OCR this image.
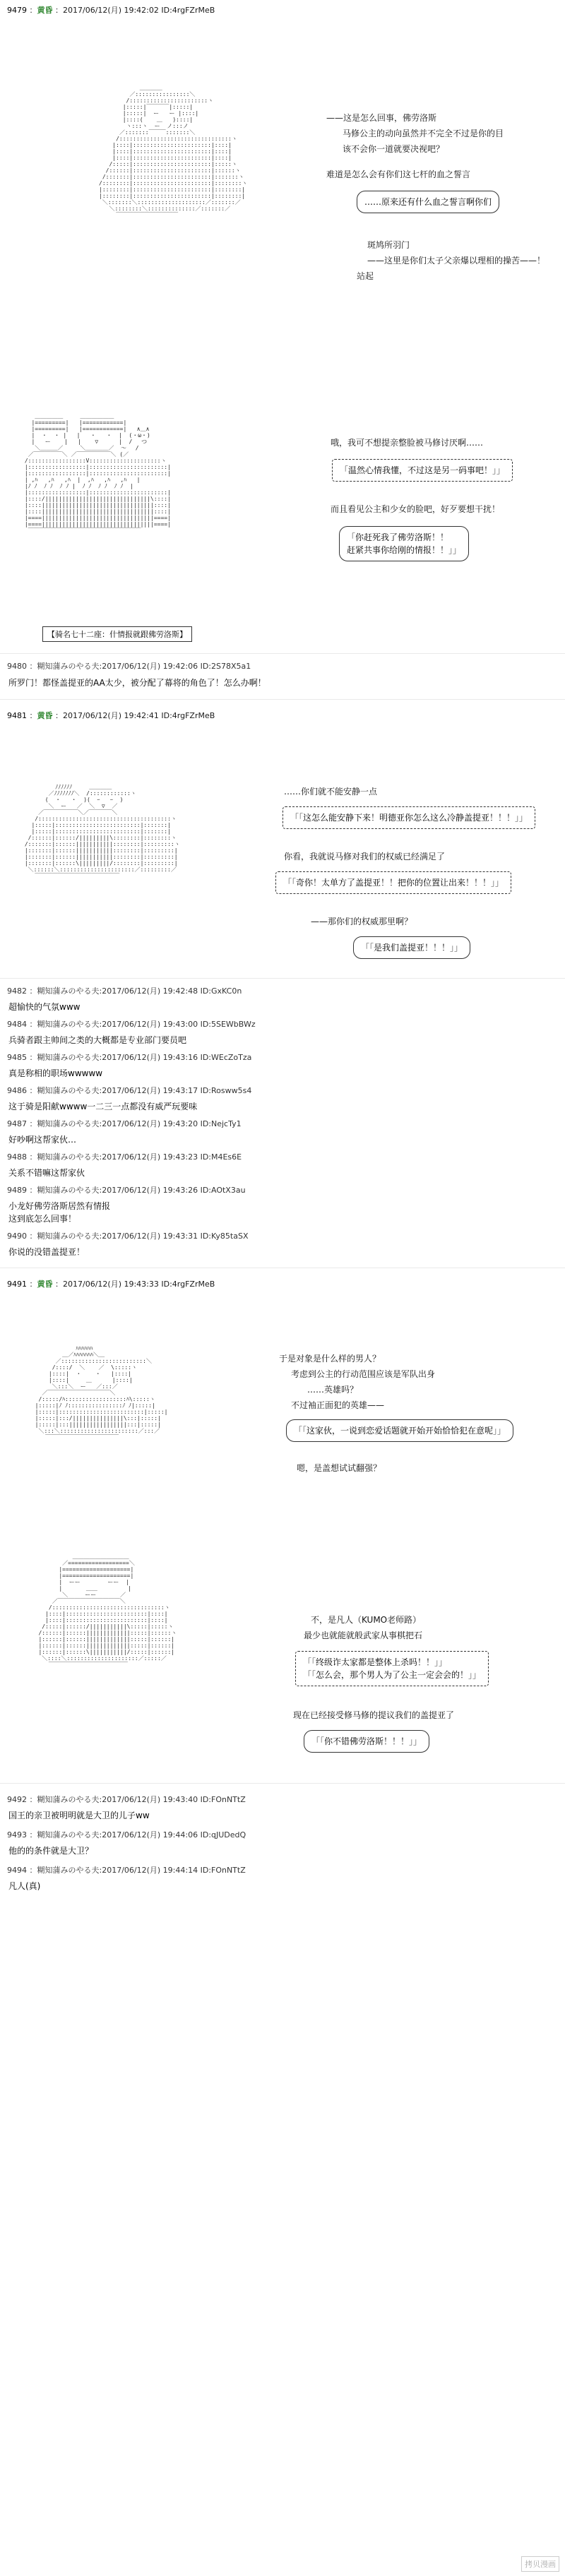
9479 ：黄昏 ：2017/06/12(月) 19:42:02 ID:4rgFZrMeB
＿＿＿＿
／::::::::::::::::＼
/:::::::::::::::::::::::ヽ
|:::::|￣￣￣￣|:::::|
|:::::|  ー   ー |::::|
|::::(    ＿   )::::|
ヽ:::ヽ  ー  ノ:::ノ
／:::::::￣￣￣:::::::＼
/:::::::::::::::::::::::::::::::::ヽ
|::::|:::::::::::::::::::::::|::::|
|::::|:::::::::::::::::::::::|::::|
|::::|:::::::::::::::::::::::|::::|
/:::::|:::::::::::::::::::::::|:::::ヽ
/::::::|:::::::::::::::::::::::|::::::ヽ
/:::::::|:::::::::::::::::::::::|:::::::ヽ
/::::::::|:::::::::::::::::::::::|::::::::ヽ
|::::::::|:::::::::::::::::::::::|::::::::|
|::::::::|:::::::::::::::::::::::|::::::::|
＼:::::::＼::::::::::::::::::::／:::::::／
＼::::::::＼::::::::::::::／:::::::／
￣￣￣￣￣￣￣￣￣￣￣

——这是怎么回事，佛劳洛斯
马修公主的动向虽然并不完全不过是你的目
该不会你一道就要决视吧？
难道是怎么会有你们这七杆的血之誓言
……原来还有什么血之誓言啊你们
斑鸠所羽门
——这里是你们太子父亲爆以理相的操苦——！
站起
＿＿＿＿＿     ＿＿＿＿＿＿
|=========|   |============|
|=========|   |============|   ∧＿∧
|  ・  ・ |   |   ・   ・  |  (・ω・)
|   ー    |   |    ▽      |  /　 つ
＼＿＿＿／     ＼＿＿＿＿／  〜　 /
／￣￣￣￣￣＼ ／￣￣￣￣￣￣＼ (／
/:::::::::::::::::V:::::::::::::::::::::ヽ
|:::::::::::::::::|:::::::::::::::::::::::|
|:::::::::::::::::|:::::::::::::::::::::::|
| ,ﾊ   ,ﾊ   ,ﾊ  |  ,ﾊ   ,ﾊ   ,ﾊ   |
|ﾉ ﾉ  ﾉ ﾉ  ﾉ ﾉ |  ﾉ ﾉ  ﾉ ﾉ  ﾉ ﾉ  |
|:::::::::::::::::|:::::::::::::::::::::::|
|::::/|||||||||||||||||||||||||||||||\::::|
|::::|||||||||||||||||||||||||||||||||::::|
|::::|||||||||||||||||||||||||||||||||::::|
|====|||||||||||||||||||||||||||||||||====|
|====|||||||||||||||||||||||||||||||||====|
￣￣￣￣￣￣￣￣￣￣￣￣￣￣￣￣￣￣￣￣

【骑名七十二座：什情报就跟佛劳洛斯】
哦，我可不想提亲整脸被马修讨厌啊……
「温然心情我懂，不过这是另一码事吧！」」
而且看见公主和少女的脸吧，好歹要想干扰！
「你赶死我了佛劳洛斯！！
赶紧共事你给刚的情报！！」」
9480 ：糊知蒲みのやる夫:2017/06/12(月) 19:42:06 ID:2S78X5a1
所罗门！都怪盖提亚的AA太少，被分配了幕将的角色了！怎么办啊！
9481 ：黄昏 ：2017/06/12(月) 19:42:41 ID:4rgFZrMeB
ﾉﾉﾉﾉﾉﾉ     ＿＿＿＿
／ﾉﾉﾉﾉﾉﾉﾉ＼  /::::::::::::ヽ
(  ・   ・  )(  ｰ   ｰ  )
＼  ー   ／  ＼  ▽  ／
／￣￣￣￣￣￣＼／￣￣￣￣＼
/:::::::::::::::::::::::::::::::::::::::ヽ
|:::::|:::::::::::::::::::::::::|:::::::|
|:::::|:::::::::::::::::::::::::|:::::::|
/::::::|::::::/|||||||||\::::::::|::::::::ヽ
/:::::::|::::::|||||||||||::::::::|:::::::::ヽ
|:::::::|::::::|||||||||||::::::::|:::::::::|
|:::::::|::::::|||||||||||::::::::|:::::::::|
|:::::::|::::::\|||||||||/::::::::|:::::::::|
＼::::::＼::::::::::::::::::::::／:::::::::／
￣￣￣￣￣￣￣￣￣￣￣￣￣￣￣

……你们就不能安静一点
「「这怎么能安静下来！明德亚你怎么这么冷静盖提亚！！！」」
你看，我就说马修对我们的权威已经满足了
「「奇你！太单方了盖提亚！！把你的位置让出来！！！」」
——那你们的权威那里啊？
「「是我们盖提亚！！！」」
9482 ：糊知蒲みのやる夫:2017/06/12(月) 19:42:48 ID:GxKC0n
超愉快的气氛www
9484 ：糊知蒲みのやる夫:2017/06/12(月) 19:43:00 ID:5SEWbBWz
兵骑者跟主帅间之类的大概都是专业部门要员吧
9485 ：糊知蒲みのやる夫:2017/06/12(月) 19:43:16 ID:WEcZoTza
真是称相的职场wwwww
9486 ：糊知蒲みのやる夫:2017/06/12(月) 19:43:17 ID:Rosww5s4
这于骑是阳献wwww一二三一点都没有威严玩要味
9487 ：糊知蒲みのやる夫:2017/06/12(月) 19:43:20 ID:NejcTy1
好吵啊这帮家伙…
9488 ：糊知蒲みのやる夫:2017/06/12(月) 19:43:23 ID:M4Es6E
关系不错嘛这帮家伙
9489 ：糊知蒲みのやる夫:2017/06/12(月) 19:43:26 ID:AOtX3au
小龙好佛劳洛斯居然有情报
这到底怎么回事！
9490 ：糊知蒲みのやる夫:2017/06/12(月) 19:43:31 ID:Ky85taSX
你说的没错盖提亚！
9491 ：黄昏 ：2017/06/12(月) 19:43:33 ID:4rgFZrMeB
ﾊﾊﾊﾊﾊﾊ
＿／ﾊﾊﾊﾊﾊﾊﾊ＼＿
／:::::::::::::::::::::::::＼
/::::/  ＼    ／  \:::::ヽ
|::::|  ・    ・   |::::|
|::::|     ＿      |::::|
＼:::＼  ー   ／:::／
／￣￣￣￣￣￣￣￣￣￣￣＼
/:::::/ﾊ::::::::::::::::::ﾊ\:::::ヽ
|:::::|ﾉ ﾉ::::::::::::::::ﾉ ﾉ|:::::|
|:::::|:::::::::::::::::::::::::|:::::|
|:::::|:::/|||||||||||||||\:::|:::::|
|:::::|:::|||||||||||||||||:::|:::::|
＼:::＼:::::::::::::::::::::::／:::／
￣￣￣￣￣￣￣￣￣￣￣￣￣

于是对象是什么样的男人？
考虑到公主的行动范围应该是军队出身
……英雄吗？
不过袖正面犯的英雄——
「「这家伙，一说到恋爱话题就开始开始恰恰犯在意呢」」
嗯，是盖想试试翻强？
＿＿＿＿＿＿＿＿＿＿
／==================＼
|====================|
|====================|
|  ーー        ーー  |
|       ＿＿         |
＼     ーー       ／
／￣￣￣￣￣￣￣￣￣￣￣＼
/:::::::::::::::::::::::::::::::::ヽ
|::::|::::::::::::::::::::::::|::::|
|::::|::::::::::::::::::::::::|::::|
/:::::|::::::/|||||||||||\:::::|:::::ヽ
/::::::|::::::|||||||||||||:::::|::::::ヽ
|::::::|::::::|||||||||||||:::::|::::::|
|::::::|::::::|||||||||||||:::::|::::::|
|::::::|::::::\|||||||||||/:::::|::::::|
＼::::＼:::::::::::::::::::::／:::::／
￣￣￣￣￣￣￣￣￣￣￣￣￣￣

不，是凡人（KUMO老师路）
最少也就能就般武家从事棋把石
「「终级诈太家都是整体上杀吗！！」」
「「怎么会，那个男人为了公主一定会会的！」」
现在已经接受修马修的提议我们的盖提亚了
「「你不错佛劳洛斯！！！」」
9492 ：糊知蒲みのやる夫:2017/06/12(月) 19:43:40 ID:FOnNTtZ
国王的亲卫被明明就是大卫的儿子ww
9493 ：糊知蒲みのやる夫:2017/06/12(月) 19:44:06 ID:qJUDedQ
他的的条件就是大卫？
9494 ：糊知蒲みのやる夫:2017/06/12(月) 19:44:14 ID:FOnNTtZ
凡人(真)
拷贝漫画
